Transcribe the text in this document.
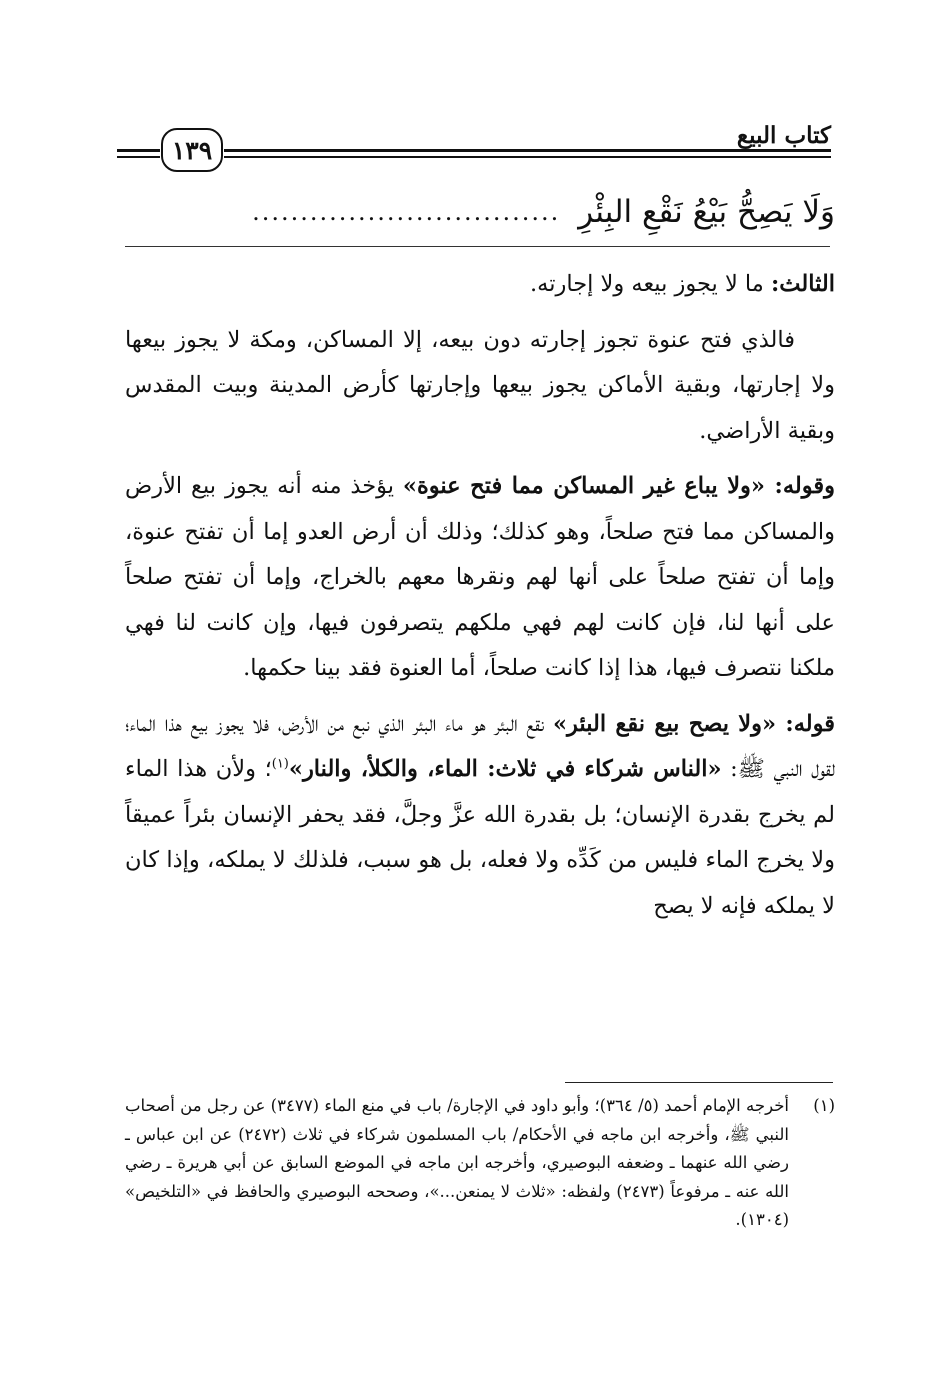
كتاب البيع
١٣٩
وَلَا يَصِحُّ بَيْعُ نَقْعِ البِئْرِ
................................

الثالث: ما لا يجوز بيعه ولا إجارته.

فالذي فتح عنوة تجوز إجارته دون بيعه، إلا المساكن، ومكة لا يجوز بيعها ولا إجارتها، وبقية الأماكن يجوز بيعها وإجارتها كأرض المدينة وبيت المقدس وبقية الأراضي.

وقوله: «ولا يباع غير المساكن مما فتح عنوة» يؤخذ منه أنه يجوز بيع الأرض والمساكن مما فتح صلحاً، وهو كذلك؛ وذلك أن أرض العدو إما أن تفتح عنوة، وإما أن تفتح صلحاً على أنها لهم ونقرها معهم بالخراج، وإما أن تفتح صلحاً على أنها لنا، فإن كانت لهم فهي ملكهم يتصرفون فيها، وإن كانت لنا فهي ملكنا نتصرف فيها، هذا إذا كانت صلحاً، أما العنوة فقد بينا حكمها.

قوله: «ولا يصح بيع نقع البئر» نقع البئر هو ماء البئر الذي نبع من الأرض، فلا يجوز بيع هذا الماء؛ لقول النبي ﷺ: «الناس شركاء في ثلاث: الماء، والكلأ، والنار»$^{(١)}$؛ ولأن هذا الماء لم يخرج بقدرة الإنسان؛ بل بقدرة الله عزَّ وجلَّ، فقد يحفر الإنسان بئراً عميقاً ولا يخرج الماء فليس من كَدِّه ولا فعله، بل هو سبب، فلذلك لا يملكه، وإذا كان لا يملكه فإنه لا يصح

(١)
أخرجه الإمام أحمد (٥/ ٣٦٤)؛ وأبو داود في الإجارة/ باب في منع الماء (٣٤٧٧) عن رجل من أصحاب النبي ﷺ، وأخرجه ابن ماجه في الأحكام/ باب المسلمون شركاء في ثلاث (٢٤٧٢) عن ابن عباس ـ رضي الله عنهما ـ وضعفه البوصيري، وأخرجه ابن ماجه في الموضع السابق عن أبي هريرة ـ رضي الله عنه ـ مرفوعاً (٢٤٧٣) ولفظه: «ثلاث لا يمنعن...»، وصححه البوصيري والحافظ في «التلخيص» (١٣٠٤).
